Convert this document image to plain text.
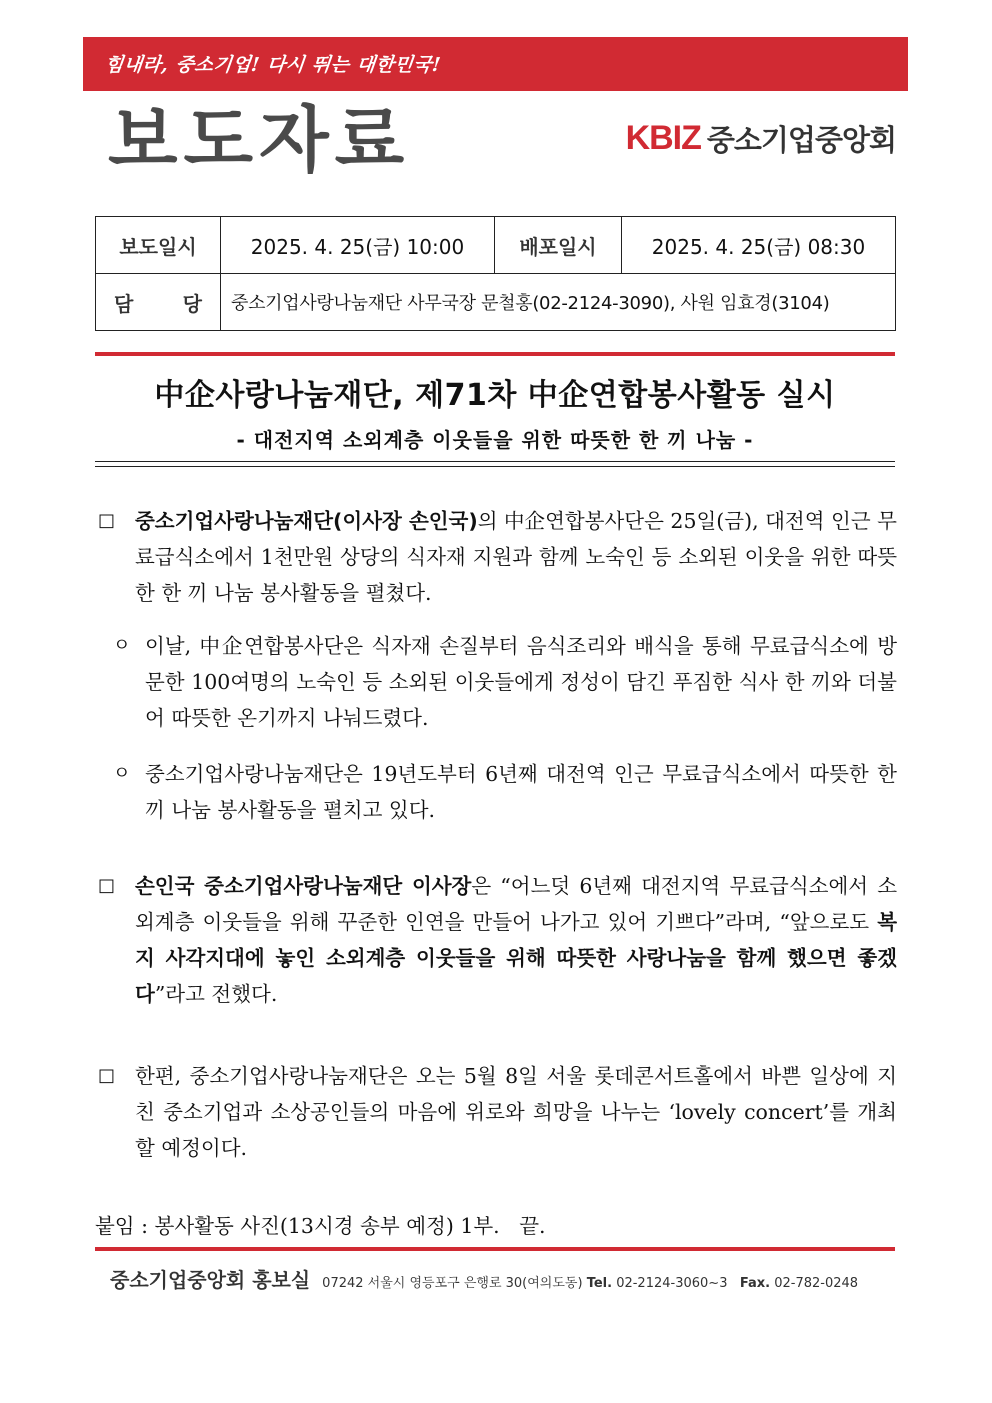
힘내라, 중소기업! 다시 뛰는 대한민국!
보도자료	KBIZ 중소기업중앙회
보도일시	2025. 4. 25(금) 10:00	배포일시	2025. 4. 25(금) 08:30

담 당	중소기업사랑나눔재단 사무국장 문철홍(02-2124-3090), 사원 임효경(3104)		
中企사랑나눔재단, 제71차 中企연합봉사활동 실시
- 대전지역 소외계층 이웃들을 위한 따뜻한 한 끼 나눔 -
□ 중소기업사랑나눔재단(이사장 손인국)의 中企연합봉사단은 25일(금), 대전역 인근 무료급식소에서 1천만원 상당의 식자재 지원과 함께 노숙인 등 소외된 이웃을 위한 따뜻한 한 끼 나눔 봉사활동을 펼쳤다.
ㅇ 이날, 中企연합봉사단은 식자재 손질부터 음식조리와 배식을 통해 무료급식소에 방문한 100여명의 노숙인 등 소외된 이웃들에게 정성이 담긴 푸짐한 식사 한 끼와 더불어 따뜻한 온기까지 나눠드렸다.
ㅇ 중소기업사랑나눔재단은 19년도부터 6년째 대전역 인근 무료급식소에서 따뜻한 한 끼 나눔 봉사활동을 펼치고 있다.
□ 손인국 중소기업사랑나눔재단 이사장은 “어느덧 6년째 대전지역 무료급식소에서 소외계층 이웃들을 위해 꾸준한 인연을 만들어 나가고 있어 기쁘다”라며, “앞으로도 복지 사각지대에 놓인 소외계층 이웃들을 위해 따뜻한 사랑나눔을 함께 했으면 좋겠다”라고 전했다.
□ 한편, 중소기업사랑나눔재단은 오는 5월 8일 서울 롯데콘서트홀에서 바쁜 일상에 지친 중소기업과 소상공인들의 마음에 위로와 희망을 나누는 ‘lovely concert’를 개최할 예정이다.
붙임 : 봉사활동 사진(13시경 송부 예정) 1부.   끝.
중소기업중앙회 홍보실 07242 서울시 영등포구 은행로 30(여의도동) Tel. 02-2124-3060~3 Fax. 02-782-0248
